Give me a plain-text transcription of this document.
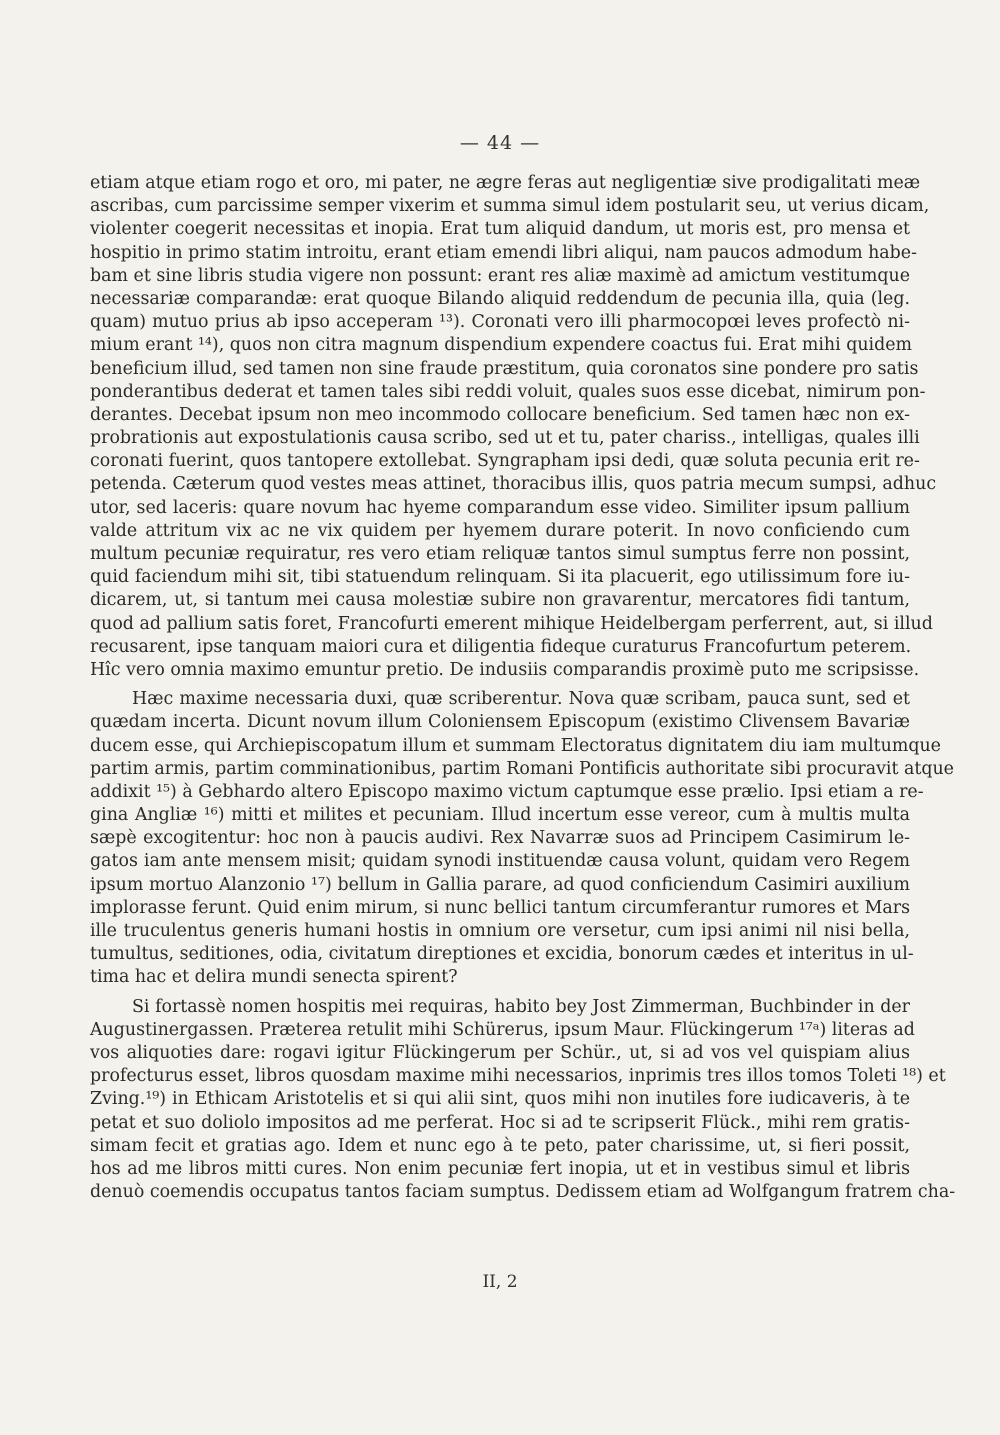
— 44 —
etiam atque etiam rogo et oro, mi pater, ne ægre feras aut negligentiæ sive prodigalitati meæ
ascribas, cum parcissime semper vixerim et summa simul idem postularit seu, ut verius dicam,
violenter coegerit necessitas et inopia. Erat tum aliquid dandum, ut moris est, pro mensa et
hospitio in primo statim introitu, erant etiam emendi libri aliqui, nam paucos admodum habe-
bam et sine libris studia vigere non possunt: erant res aliæ maximè ad amictum vestitumque
necessariæ comparandæ: erat quoque Bilando aliquid reddendum de pecunia illa, quia (leg.
quam) mutuo prius ab ipso acceperam ¹³). Coronati vero illi pharmocopœi leves profectò ni-
mium erant ¹⁴), quos non citra magnum dispendium expendere coactus fui. Erat mihi quidem
beneficium illud, sed tamen non sine fraude præstitum, quia coronatos sine pondere pro satis
ponderantibus dederat et tamen tales sibi reddi voluit, quales suos esse dicebat, nimirum pon-
derantes. Decebat ipsum non meo incommodo collocare beneficium. Sed tamen hæc non ex-
probrationis aut expostulationis causa scribo, sed ut et tu, pater chariss., intelligas, quales illi
coronati fuerint, quos tantopere extollebat. Syngrapham ipsi dedi, quæ soluta pecunia erit re-
petenda. Cæterum quod vestes meas attinet, thoracibus illis, quos patria mecum sumpsi, adhuc
utor, sed laceris: quare novum hac hyeme comparandum esse video. Similiter ipsum pallium
valde attritum vix ac ne vix quidem per hyemem durare poterit. In novo conficiendo cum
multum pecuniæ requiratur, res vero etiam reliquæ tantos simul sumptus ferre non possint,
quid faciendum mihi sit, tibi statuendum relinquam. Si ita placuerit, ego utilissimum fore iu-
dicarem, ut, si tantum mei causa molestiæ subire non gravarentur, mercatores fidi tantum,
quod ad pallium satis foret, Francofurti emerent mihique Heidelbergam perferrent, aut, si illud
recusarent, ipse tanquam maiori cura et diligentia fideque curaturus Francofurtum peterem.
Hîc vero omnia maximo emuntur pretio. De indusiis comparandis proximè puto me scripsisse.
Hæc maxime necessaria duxi, quæ scriberentur. Nova quæ scribam, pauca sunt, sed et
quædam incerta. Dicunt novum illum Coloniensem Episcopum (existimo Clivensem Bavariæ
ducem esse, qui Archiepiscopatum illum et summam Electoratus dignitatem diu iam multumque
partim armis, partim comminationibus, partim Romani Pontificis authoritate sibi procuravit atque
addixit ¹⁵) à Gebhardo altero Episcopo maximo victum captumque esse prælio. Ipsi etiam a re-
gina Angliæ ¹⁶) mitti et milites et pecuniam. Illud incertum esse vereor, cum à multis multa
sæpè excogitentur: hoc non à paucis audivi. Rex Navarræ suos ad Principem Casimirum le-
gatos iam ante mensem misit; quidam synodi instituendæ causa volunt, quidam vero Regem
ipsum mortuo Alanzonio ¹⁷) bellum in Gallia parare, ad quod conficiendum Casimiri auxilium
implorasse ferunt. Quid enim mirum, si nunc bellici tantum circumferantur rumores et Mars
ille truculentus generis humani hostis in omnium ore versetur, cum ipsi animi nil nisi bella,
tumultus, seditiones, odia, civitatum direptiones et excidia, bonorum cædes et interitus in ul-
tima hac et delira mundi senecta spirent?
Si fortassè nomen hospitis mei requiras, habito bey Jost Zimmerman, Buchbinder in der
Augustinergassen. Præterea retulit mihi Schürerus, ipsum Maur. Flückingerum ¹⁷ᵃ) literas ad
vos aliquoties dare: rogavi igitur Flückingerum per Schür., ut, si ad vos vel quispiam alius
profecturus esset, libros quosdam maxime mihi necessarios, inprimis tres illos tomos Toleti ¹⁸) et
Zving.¹⁹) in Ethicam Aristotelis et si qui alii sint, quos mihi non inutiles fore iudicaveris, à te
petat et suo doliolo impositos ad me perferat. Hoc si ad te scripserit Flück., mihi rem gratis-
simam fecit et gratias ago. Idem et nunc ego à te peto, pater charissime, ut, si fieri possit,
hos ad me libros mitti cures. Non enim pecuniæ fert inopia, ut et in vestibus simul et libris
denuò coemendis occupatus tantos faciam sumptus. Dedissem etiam ad Wolfgangum fratrem cha-
II, 2
